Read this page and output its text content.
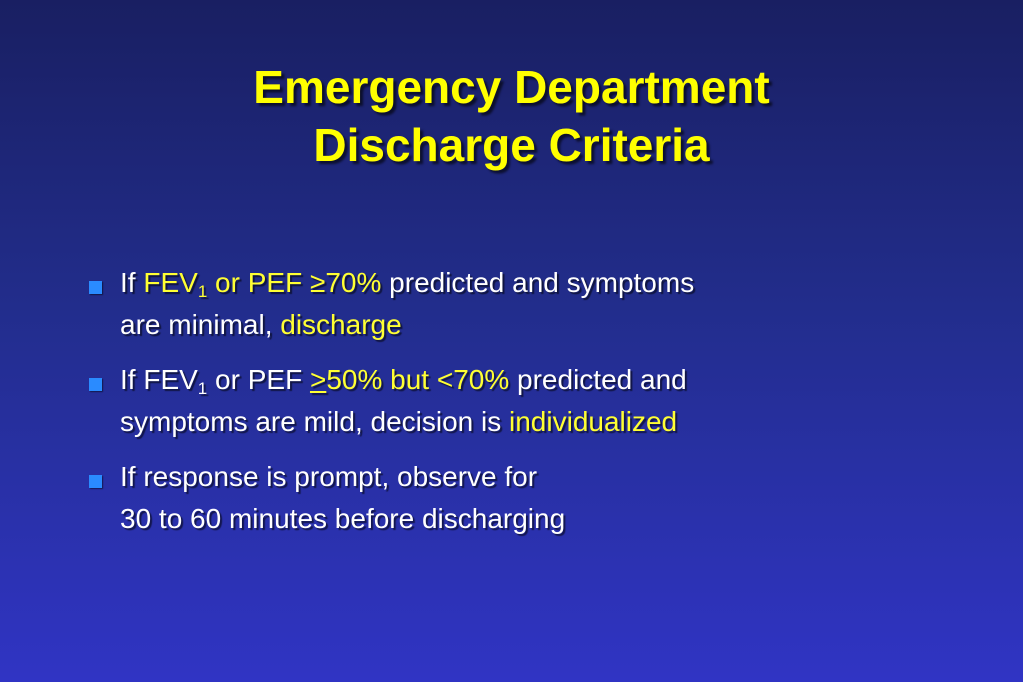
Emergency Department
Discharge Criteria
If $FEV_1$ or PEF ≥70% predicted and symptoms
are minimal, discharge
If $FEV_1$ or PEF >50% but <70% predicted and
symptoms are mild, decision is individualized
If response is prompt, observe for
30 to 60 minutes before discharging
